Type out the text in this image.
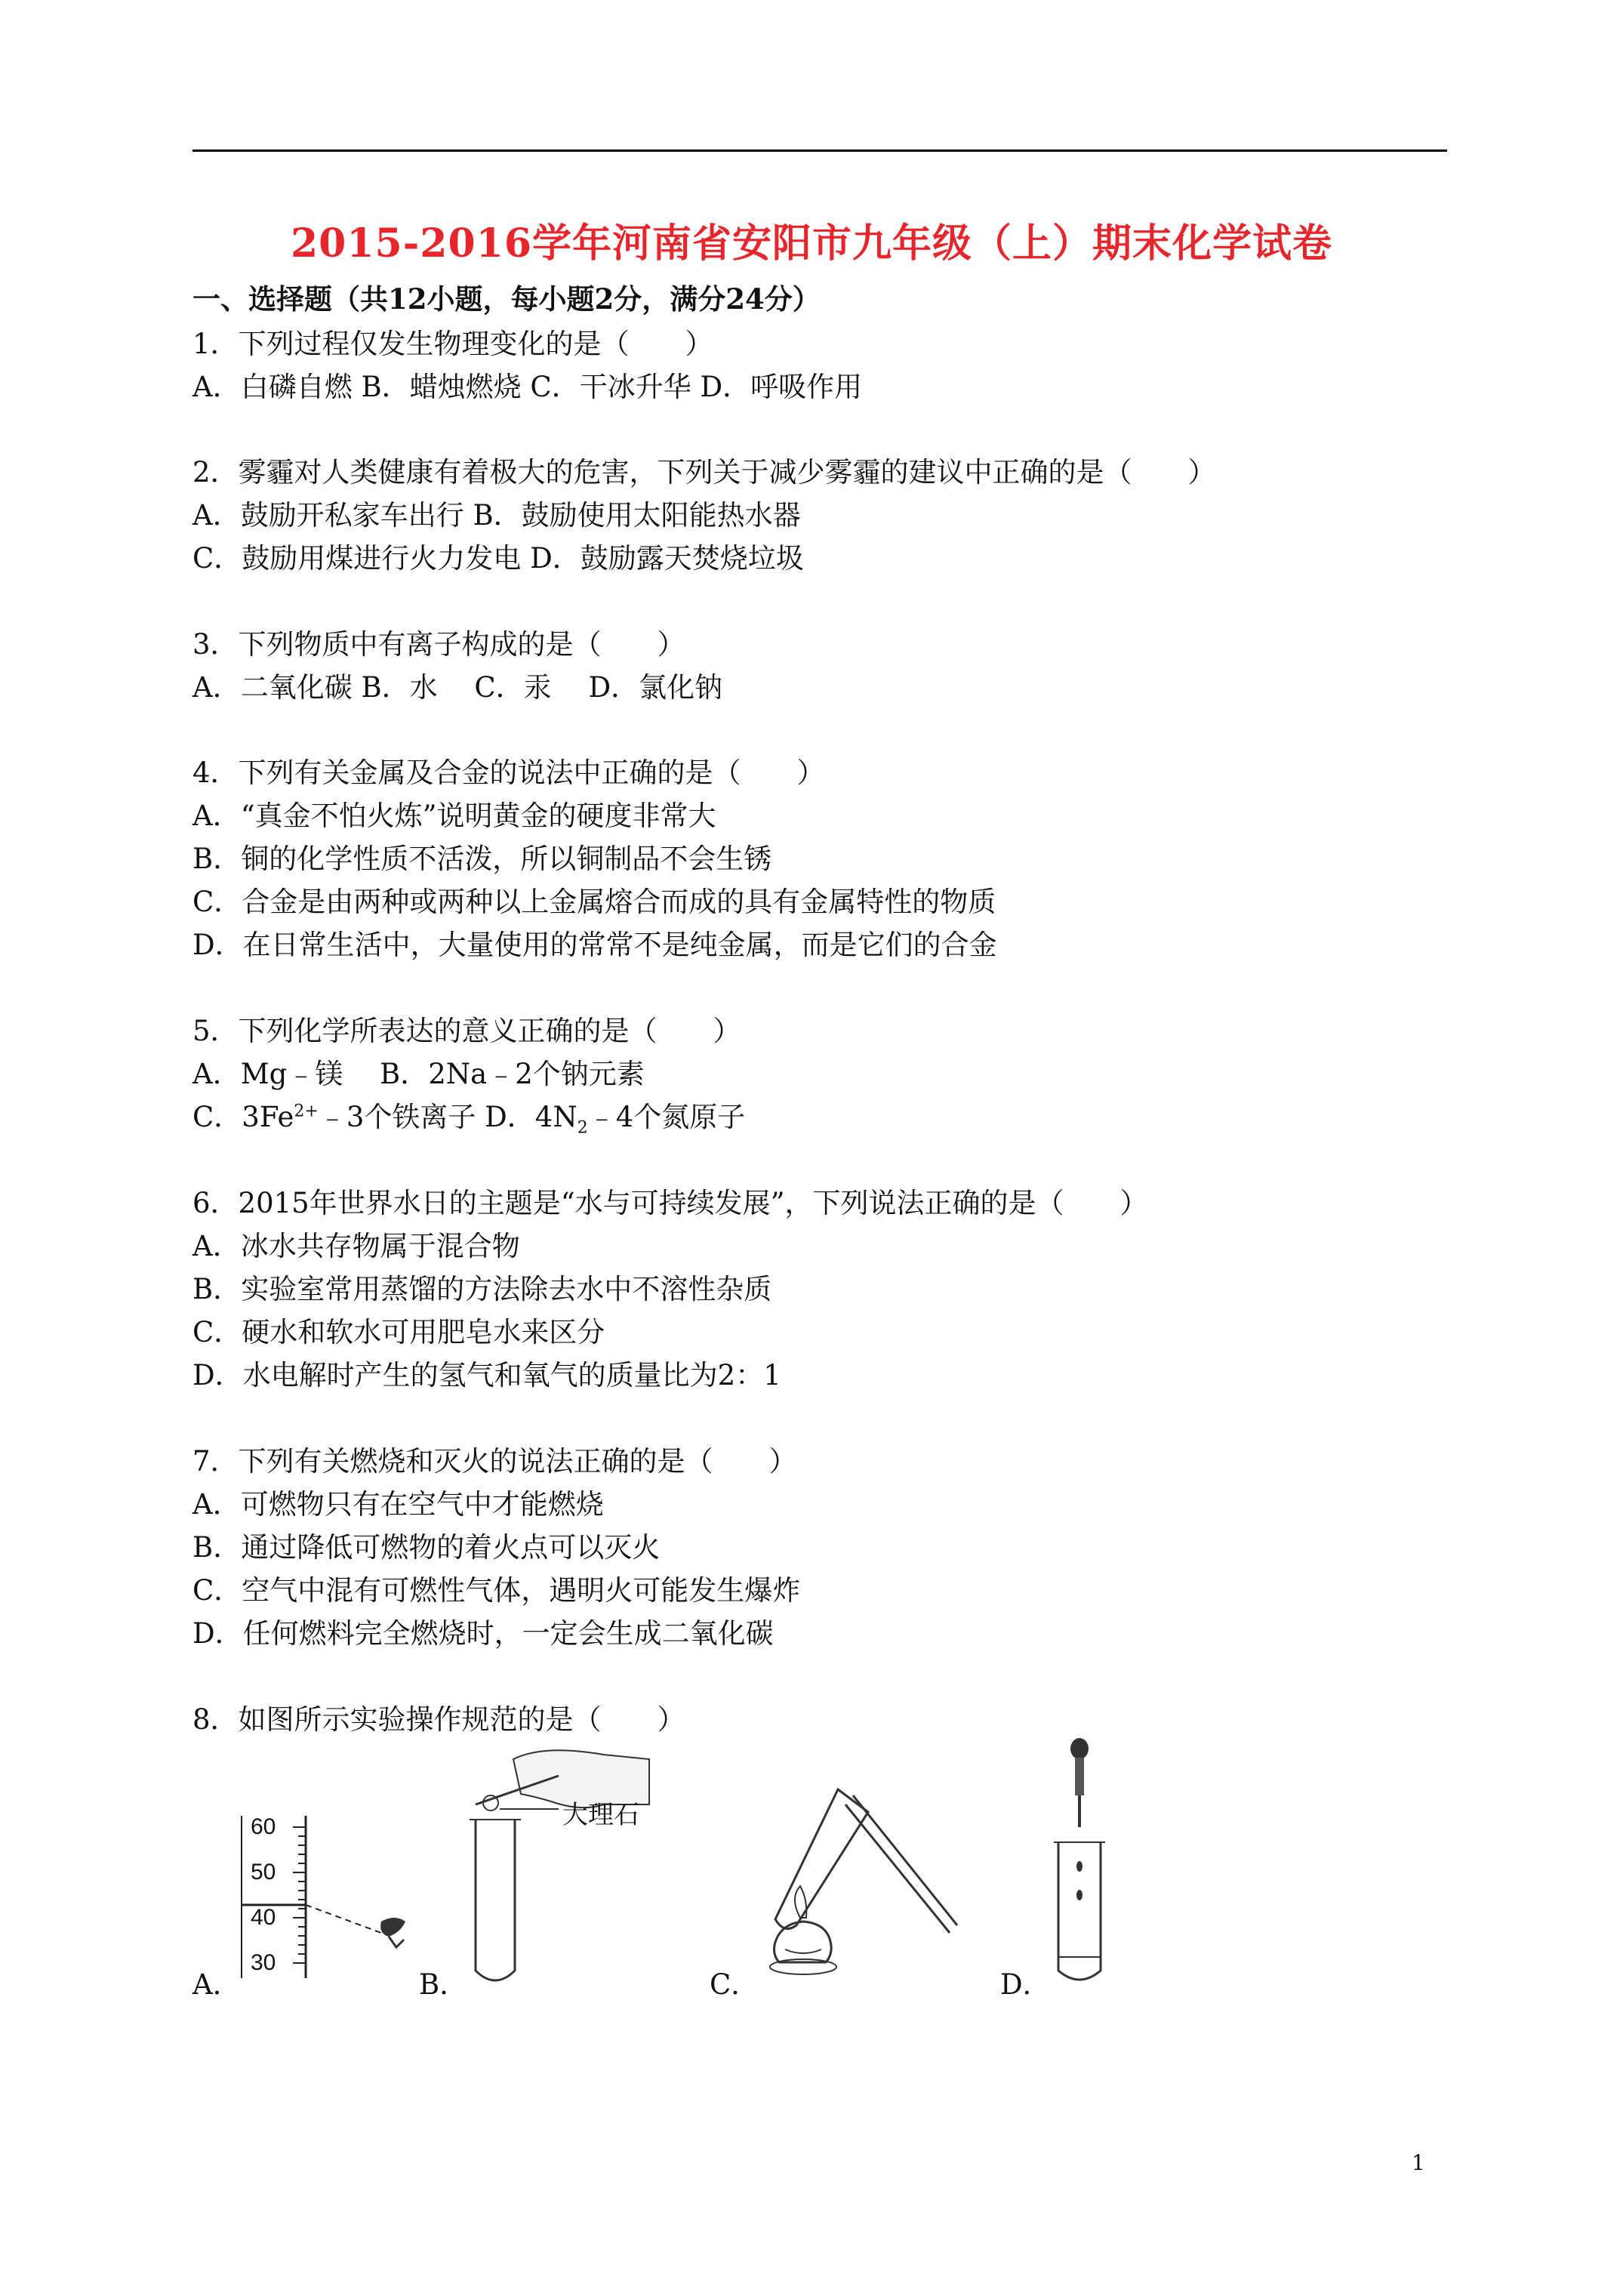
2015-2016学年河南省安阳市九年级（上）期末化学试卷
一、选择题（共12小题，每小题2分，满分24分）
1．下列过程仅发生物理变化的是（　　）
A．白磷自燃 B．蜡烛燃烧 C．干冰升华 D．呼吸作用
2．雾霾对人类健康有着极大的危害，下列关于减少雾霾的建议中正确的是（　　）
A．鼓励开私家车出行 B．鼓励使用太阳能热水器
C．鼓励用煤进行火力发电 D．鼓励露天焚烧垃圾
3．下列物质中有离子构成的是（　　）
A．二氧化碳 B．水　 C．汞　 D．氯化钠
4．下列有关金属及合金的说法中正确的是（　　）
A．“真金不怕火炼”说明黄金的硬度非常大
B．铜的化学性质不活泼，所以铜制品不会生锈
C．合金是由两种或两种以上金属熔合而成的具有金属特性的物质
D．在日常生活中，大量使用的常常不是纯金属，而是它们的合金
5．下列化学所表达的意义正确的是（　　）
A．Mg﹣镁　 B．2Na﹣2个钠元素
C．$3Fe^{2+}﹣3$个铁离子 D．$4N_2﹣4$个氮原子
6．2015年世界水日的主题是“水与可持续发展”，下列说法正确的是（　　）
A．冰水共存物属于混合物
B．实验室常用蒸馏的方法除去水中不溶性杂质
C．硬水和软水可用肥皂水来区分
D．水电解时产生的氢气和氧气的质量比为2：1
7．下列有关燃烧和灭火的说法正确的是（　　）
A．可燃物只有在空气中才能燃烧
B．通过降低可燃物的着火点可以灭火
C．空气中混有可燃性气体，遇明火可能发生爆炸
D．任何燃料完全燃烧时，一定会生成二氧化碳
8．如图所示实验操作规范的是（　　）
A．
60
50
40
30
B．
大理石
C．	D．
1
